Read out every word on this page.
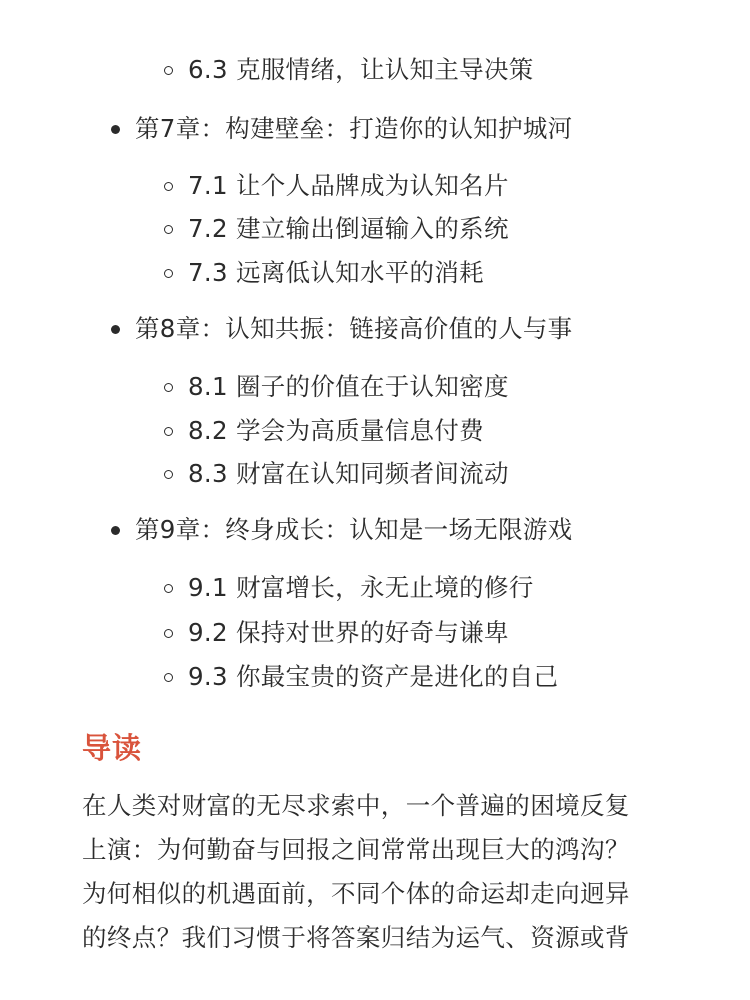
6.3 克服情绪，让认知主导决策
第7章：构建壁垒：打造你的认知护城河
7.1 让个人品牌成为认知名片
7.2 建立输出倒逼输入的系统
7.3 远离低认知水平的消耗
第8章：认知共振：链接高价值的人与事
8.1 圈子的价值在于认知密度
8.2 学会为高质量信息付费
8.3 财富在认知同频者间流动
第9章：终身成长：认知是一场无限游戏
9.1 财富增长，永无止境的修行
9.2 保持对世界的好奇与谦卑
9.3 你最宝贵的资产是进化的自己
导读
在人类对财富的无尽求索中，一个普遍的困境反复
上演：为何勤奋与回报之间常常出现巨大的鸿沟？
为何相似的机遇面前，不同个体的命运却走向迥异
的终点？我们习惯于将答案归结为运气、资源或背
